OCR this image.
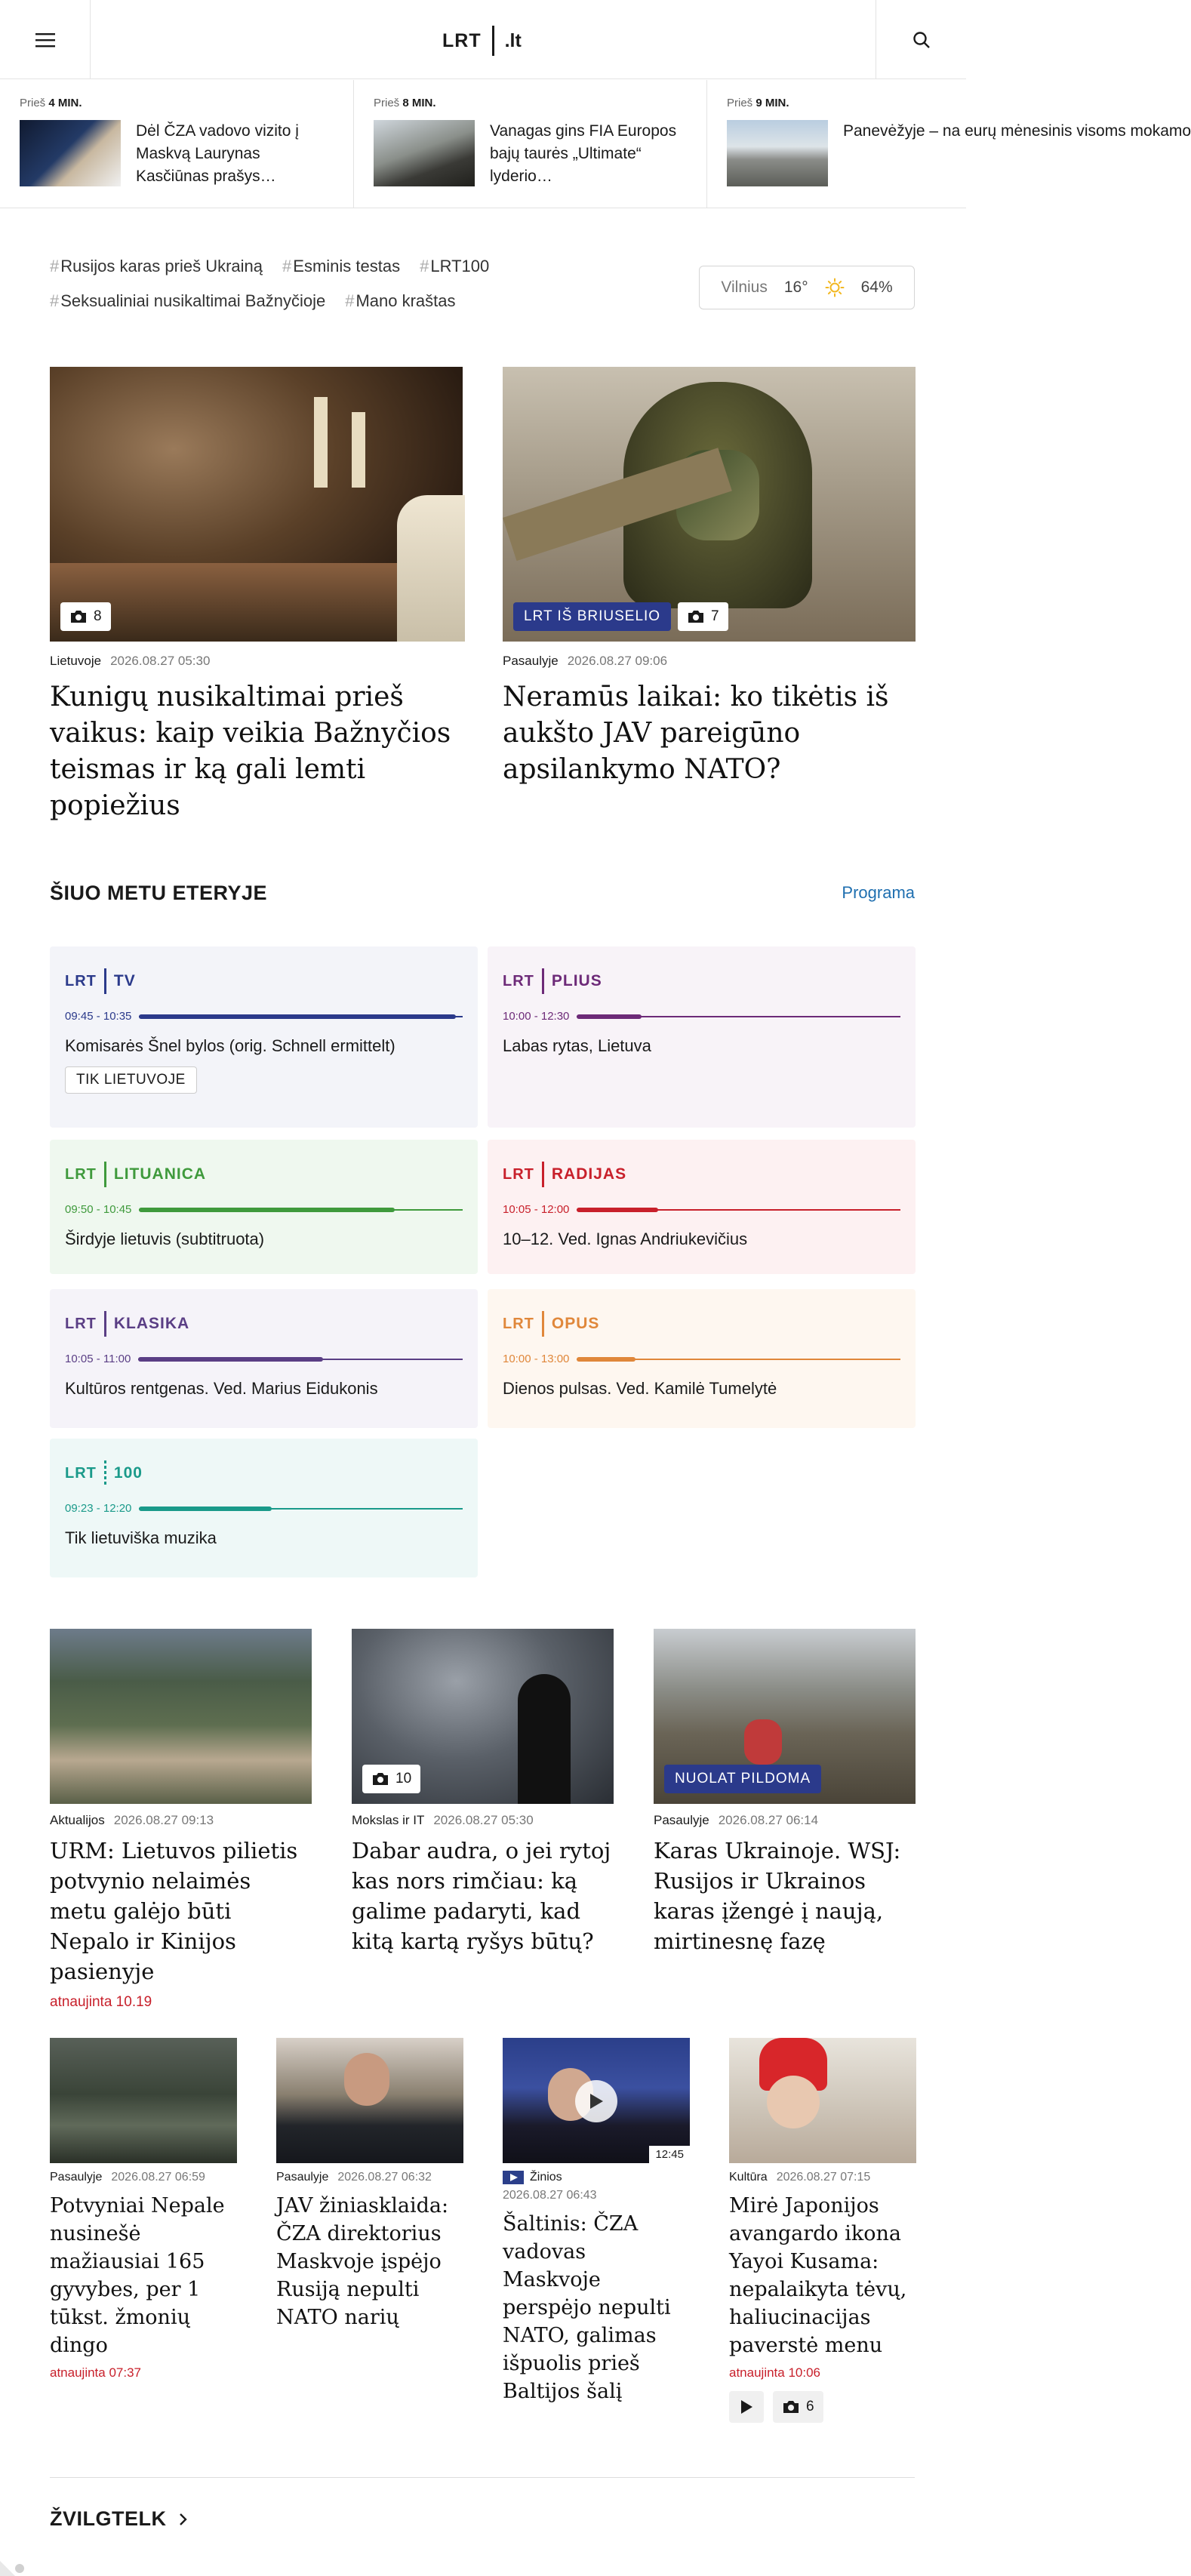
LRT .lt
Prieš 4 MIN.
Dėl ČZA vadovo vizito į Maskvą Laurynas Kasčiūnas prašys…
Prieš 8 MIN.
Vanagas gins FIA Europos bajų taurės „Ultimate“ lyderio…
Prieš 9 MIN.
Panevėžyje – na eurų mėnesinis visoms mokamo
#Rusijos karas prieš Ukrainą #Esminis testas #LRT100
#Seksualiniai nusikaltimai Bažnyčioje #Mano kraštas
Vilnius 16°	64%
8
Lietuvoje 2026.08.27 05:30
Kunigų nusikaltimai prieš vaikus: kaip veikia Bažnyčios teismas ir ką gali lemti popiežius
LRT IŠ BRIUSELIO	7
Pasaulyje 2026.08.27 09:06
Neramūs laikai: ko tikėtis iš aukšto JAV pareigūno apsilankymo NATO?
ŠIUO METU ETERYJE	Programa
LRT TV
09:45 - 10:35
Komisarės Šnel bylos (orig. Schnell ermittelt)
TIK LIETUVOJE
LRT PLIUS
10:00 - 12:30
Labas rytas, Lietuva
LRT LITUANICA
09:50 - 10:45
Širdyje lietuvis (subtitruota)
LRT RADIJAS
10:05 - 12:00
10–12. Ved. Ignas Andriukevičius
LRT KLASIKA
10:05 - 11:00
Kultūros rentgenas. Ved. Marius Eidukonis
LRT OPUS
10:00 - 13:00
Dienos pulsas. Ved. Kamilė Tumelytė
LRT 100
09:23 - 12:20
Tik lietuviška muzika
Aktualijos 2026.08.27 09:13
URM: Lietuvos pilietis potvynio nelaimės metu galėjo būti Nepalo ir Kinijos pasienyje
atnaujinta 10.19
10
Mokslas ir IT 2026.08.27 05:30
Dabar audra, o jei rytoj kas nors rimčiau: ką galime padaryti, kad kitą kartą ryšys būtų?
NUOLAT PILDOMA
Pasaulyje 2026.08.27 06:14
Karas Ukrainoje. WSJ: Rusijos ir Ukrainos karas įžengė į naują, mirtinesnę fazę
Pasaulyje 2026.08.27 06:59
Potvyniai Nepale nusinešė mažiausiai 165 gyvybes, per 1 tūkst. žmonių dingo
atnaujinta 07:37
Pasaulyje 2026.08.27 06:32
JAV žiniasklaida: ČZA direktorius Maskvoje įspėjo Rusiją nepulti NATO narių
12:45
Žinios
2026.08.27 06:43
Šaltinis: ČZA vadovas Maskvoje perspėjo nepulti NATO, galimas išpuolis prieš Baltijos šalį
Kultūra 2026.08.27 07:15
Mirė Japonijos avangardo ikona Yayoi Kusama: nepalaikyta tėvų, haliucinacijas paverstė menu
atnaujinta 10:06
6
ŽVILGTELK
